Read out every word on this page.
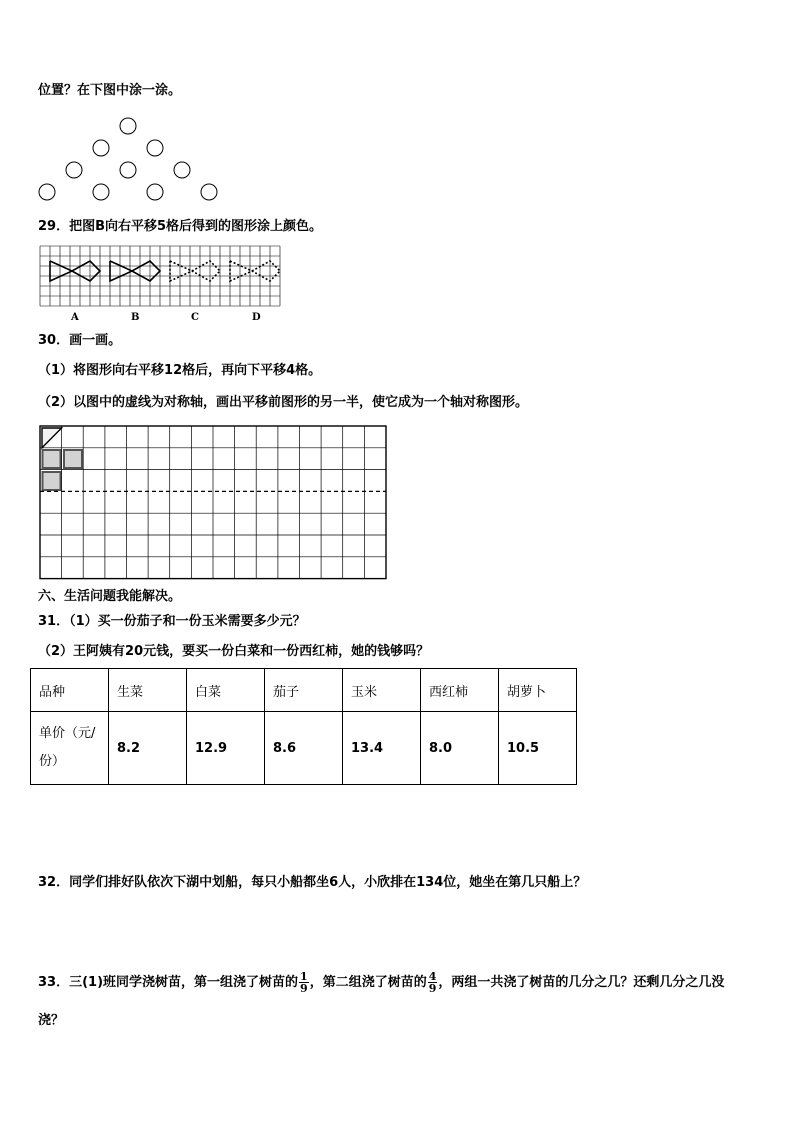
位置？在下图中涂一涂。
29．把图B向右平移5格后得到的图形涂上颜色。
A	B	C	D
30．画一画。
（1）将图形向右平移12格后，再向下平移4格。
（2）以图中的虚线为对称轴，画出平移前图形的另一半，使它成为一个轴对称图形。
六、生活问题我能解决。
31．（1）买一份茄子和一份玉米需要多少元？
（2）王阿姨有20元钱，要买一份白菜和一份西红柿，她的钱够吗？
品种	生菜	白菜	茄子	玉米	西红柿	胡萝卜
单价（元/
份）	8.2	12.9	8.6	13.4	8.0	10.5
32．同学们排好队依次下湖中划船，每只小船都坐6人，小欣排在134位，她坐在第几只船上？
33．三(1)班同学浇树苗，第一组浇了树苗的 $\frac{1}{9}$ ，第二组浇了树苗的 $\frac{4}{9}$ ，两组一共浇了树苗的几分之几？还剩几分之几没
浇？
